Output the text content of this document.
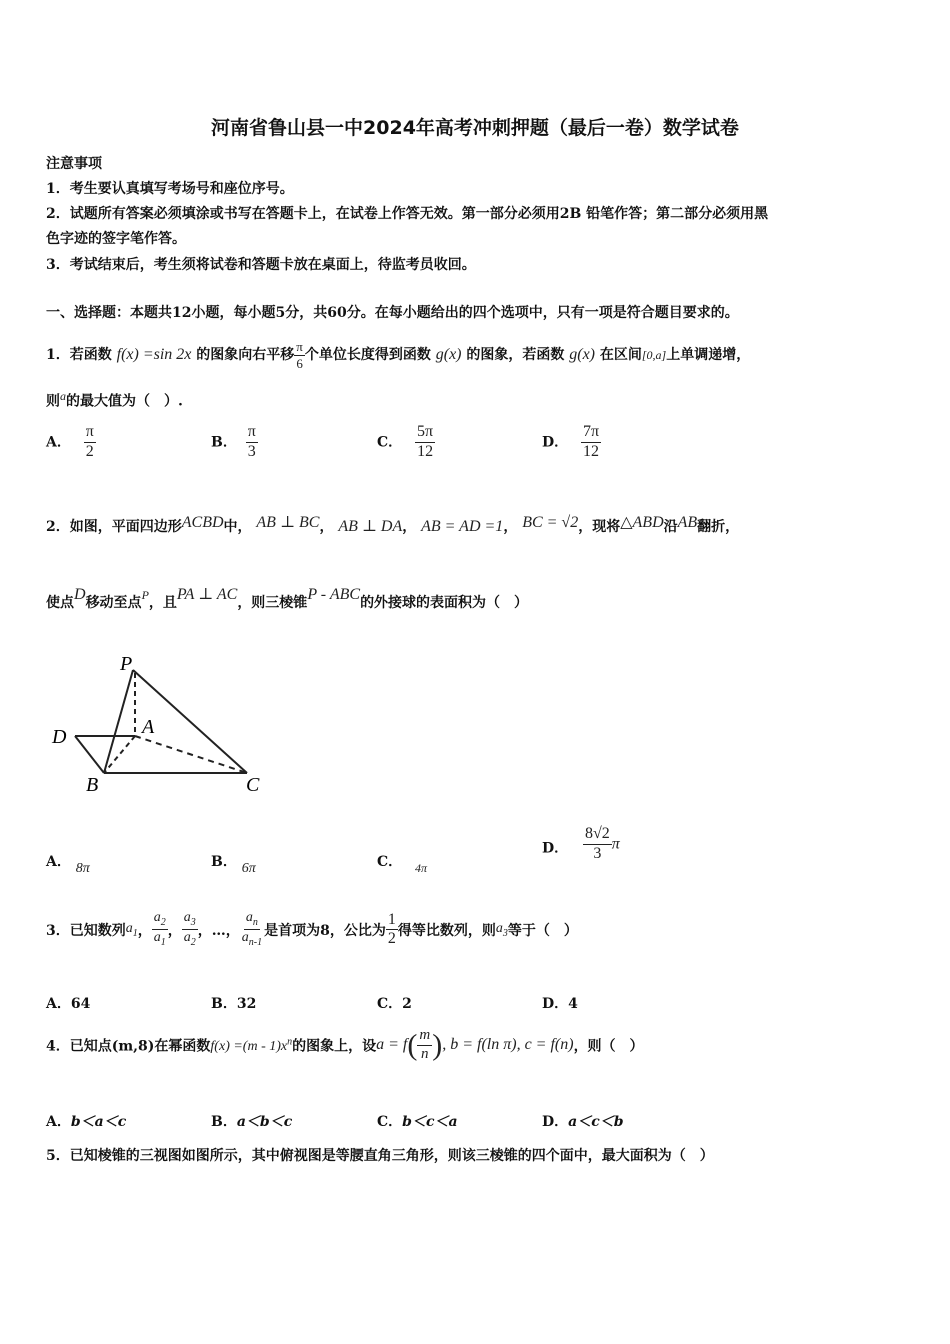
河南省鲁山县一中2024年高考冲刺押题（最后一卷）数学试卷
注意事项
1．考生要认真填写考场号和座位序号。
2．试题所有答案必须填涂或书写在答题卡上，在试卷上作答无效。第一部分必须用2B 铅笔作答；第二部分必须用黑
色字迹的签字笔作答。
3．考试结束后，考生须将试卷和答题卡放在桌面上，待监考员收回。
一、选择题：本题共12小题，每小题5分，共60分。在每小题给出的四个选项中，只有一项是符合题目要求的。
1．若函数 f(x) =sin 2x 的图象向右平移 $\frac{\pi}{6}$ 个单位长度得到函数 g(x) 的图象，若函数 g(x) 在区间[0,a]上单调递增，
则a的最大值为（　）.
A． $\frac{\pi}{2}$	B． $\frac{\pi}{3}$	C． $\frac{5\pi}{12}$	D． $\frac{7\pi}{12}$
2．如图，平面四边形ACBD中， AB ⊥ BC， AB ⊥ DA， AB = AD =1， BC = √2，现将△ABD沿AB翻折，
使点D移动至点P，且PA ⊥ AC，则三棱锥P - ABC的外接球的表面积为（　）
P
A
D
B	C
A． 8π	B． 6π	C． 4π
D． $\frac{8√2}{3}$ π
3．已知数列$a_1$， $\frac{a_2}{a_1}$ ， $\frac{a_3}{a_2}$ ，…， $\frac{a_n}{a_{n-1}}$ 是首项为8，公比为 $\frac{1}{2}$ 得等比数列，则$a_3$等于（　）
A．64	B．32	C．2	D．4
4．已知点(m,8)在幂函数$f(x) =(m - 1)x^n$的图象上，设$a = f( \frac{m}{n}$ ), b = f(ln π), c = f(n)，则（　）
A．b＜a＜c	B．a＜b＜c	C．b＜c＜a	D．a＜c＜b
5．已知棱锥的三视图如图所示，其中俯视图是等腰直角三角形，则该三棱锥的四个面中，最大面积为（　）
